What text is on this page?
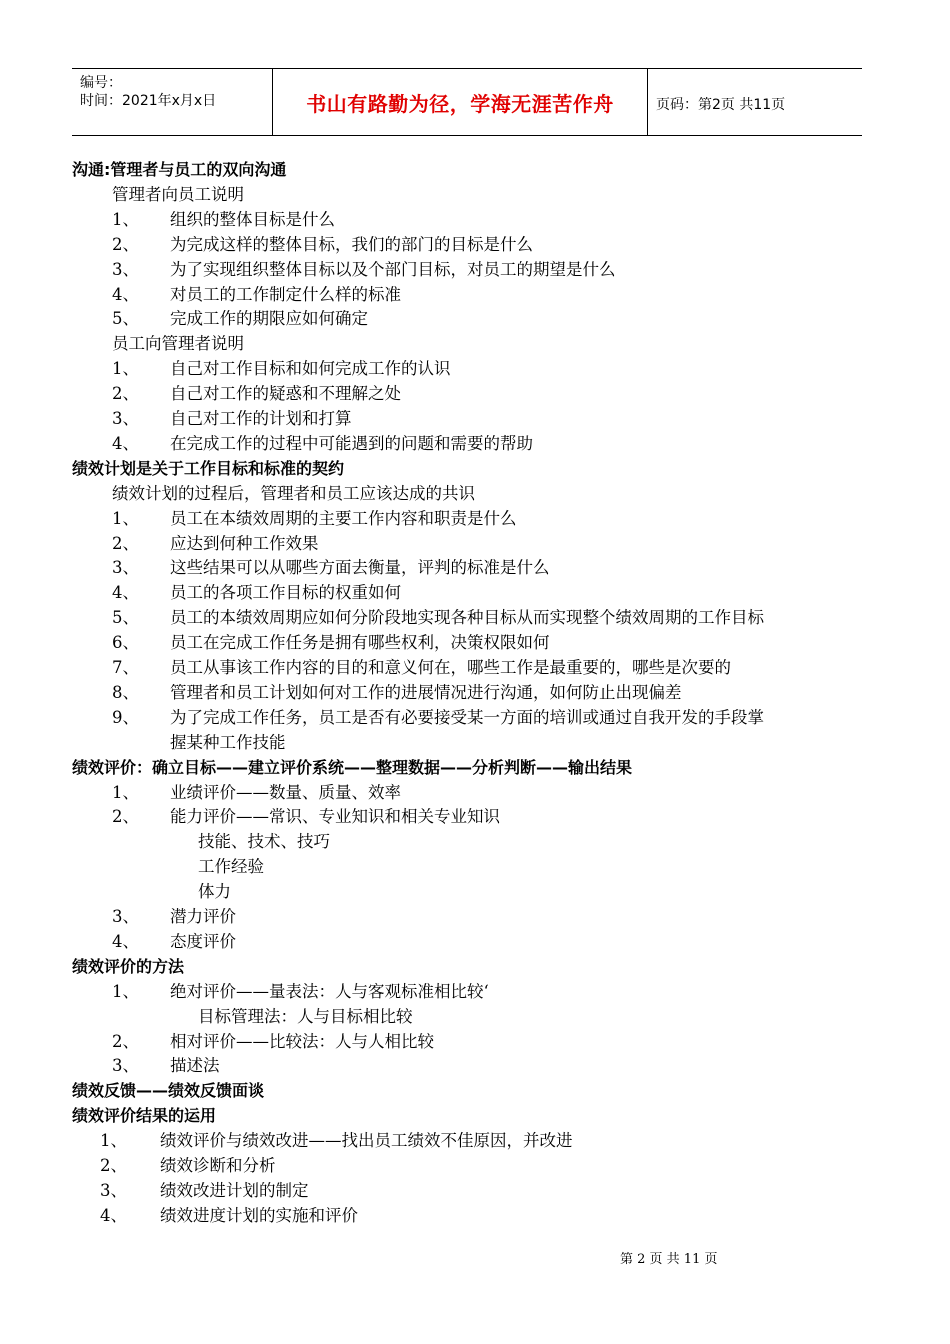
编号：
时间：2021年x月x日	书山有路勤为径，学海无涯苦作舟	页码：第2页 共11页
沟通:管理者与员工的双向沟通
管理者向员工说明
1、 组织的整体目标是什么
2、 为完成这样的整体目标，我们的部门的目标是什么
3、 为了实现组织整体目标以及个部门目标，对员工的期望是什么
4、 对员工的工作制定什么样的标准
5、 完成工作的期限应如何确定
员工向管理者说明
1、 自己对工作目标和如何完成工作的认识
2、 自己对工作的疑惑和不理解之处
3、 自己对工作的计划和打算
4、 在完成工作的过程中可能遇到的问题和需要的帮助
绩效计划是关于工作目标和标准的契约
绩效计划的过程后，管理者和员工应该达成的共识
1、 员工在本绩效周期的主要工作内容和职责是什么
2、 应达到何种工作效果
3、 这些结果可以从哪些方面去衡量，评判的标准是什么
4、 员工的各项工作目标的权重如何
5、 员工的本绩效周期应如何分阶段地实现各种目标从而实现整个绩效周期的工作目标
6、 员工在完成工作任务是拥有哪些权利，决策权限如何
7、 员工从事该工作内容的目的和意义何在，哪些工作是最重要的，哪些是次要的
8、 管理者和员工计划如何对工作的进展情况进行沟通，如何防止出现偏差
9、 为了完成工作任务，员工是否有必要接受某一方面的培训或通过自我开发的手段掌
握某种工作技能
绩效评价：确立目标——建立评价系统——整理数据——分析判断——输出结果
1、 业绩评价——数量、质量、效率
2、 能力评价——常识、专业知识和相关专业知识
技能、技术、技巧
工作经验
体力
3、 潜力评价
4、 态度评价
绩效评价的方法
1、 绝对评价——量表法：人与客观标准相比较‘
目标管理法：人与目标相比较
2、 相对评价——比较法：人与人相比较
3、 描述法
绩效反馈——绩效反馈面谈
绩效评价结果的运用
1、 绩效评价与绩效改进——找出员工绩效不佳原因，并改进
2、 绩效诊断和分析
3、 绩效改进计划的制定
4、 绩效进度计划的实施和评价
第 2 页 共 11 页
